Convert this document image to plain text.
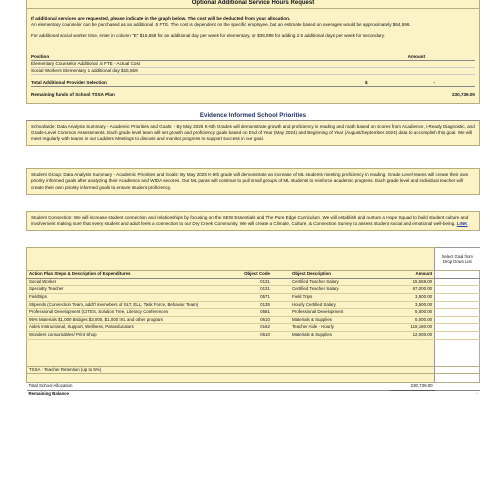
Optional Additional Service Hours Request
If additional services are requested, please indicate in the graph below. The cost will be deducted from your allocation.
An elementary counselor can be purchased as an additional .5 FTE. The cost is dependent on the specific employee, but an estimate based on averages would be approximately $64,596.
For additional social worker time, enter in column "E" $15,559 for an additional day per week for elementary, or $38,898 for adding 2.5 additional days per week for secondary.
Position	Amount
Elementary Counselor Additional .5 FTE - Actual Cost
Social Workers Elementary 1 additional day $15,559
Total Additional Provider Selection	$	-
Remaining funds of School TSSA Plan	230,739.00
Evidence Informed School Priorities
Schoolwide: Data Analysis Summary - Academic Priorities and Goals: - By May 2025 K-6th Grades will demonstrate growth and proficiency in reading and math based on scores from Acadience, i-Ready Diagnostic, and Grade-Level Common Assessments. Each grade level team will set growth and proficiency goals based on End of Year (May 2024) and Beginning of Year (August/September 2024) data to accomplish this goal. We will meet regularly with teams in our Ladders Meetings to discuss and monitor progress to support success in our goal.
Student Group: Data Analysis Summary - Academic Priorities and Goals: By May 2025 K-6th grade will demonstrate an increase of ML students meeting proficiency in reading. Grade Level teams will create their own priority informed goals after analyzing their Acadience and WIDA secores. Our ML paras will continue to pull small groups of ML students to reinforce academic progress. Each grade level and individual teacher will create their own priority informed goals to ensure student proficiency.
Student Connection: We will increase student connection and relationships by focusing on the SEW Essentials and The Pure Edge Curriculum. We will establish and nurture a Hope Squad to build student culture and involvement making sure that every student and adult feels a connection to our Dry Creek Community. We will create a Climate, Culture, & Connection Survey to assess student social and emotional well-being. LINK
				Select Goal from Drop Down List
Action Plan Steps & Description of Expenditures	Object Code	Object Description	Amount	
Social Worker	0131	Certified Teacher Salary	15,559.00	
Specialty Teacher	0131	Certified Teacher Salary	67,000.00	
Fieldtrips	0571	Field Trips	3,500.00	
Stipends (Connection Team, addt'l memebers of SLT, ELL, Task Force, Behavior Team)	0135	Hourly Certified Salary	3,500.00	
Professional Development (CITES, Solution Tree, Literacy Conferences	0581	Professional Development	5,000.00	
95% Materials $1,000 Bridges $3,000, $1,000 IXL and other program	0610	Materials & Supplies	5,000.00	
Aides Instructional, Support, Wellness, Paraeducators	0162	Teacher Aide - Hourly	119,180.00	
Wonders consumables/ Print Shop	0610	Materials & Supplies	12,000.00	

TSSA - Teacher Retention (up to 5%)				

Total School Allocation			230,739.00	
Remaining Balance				-
